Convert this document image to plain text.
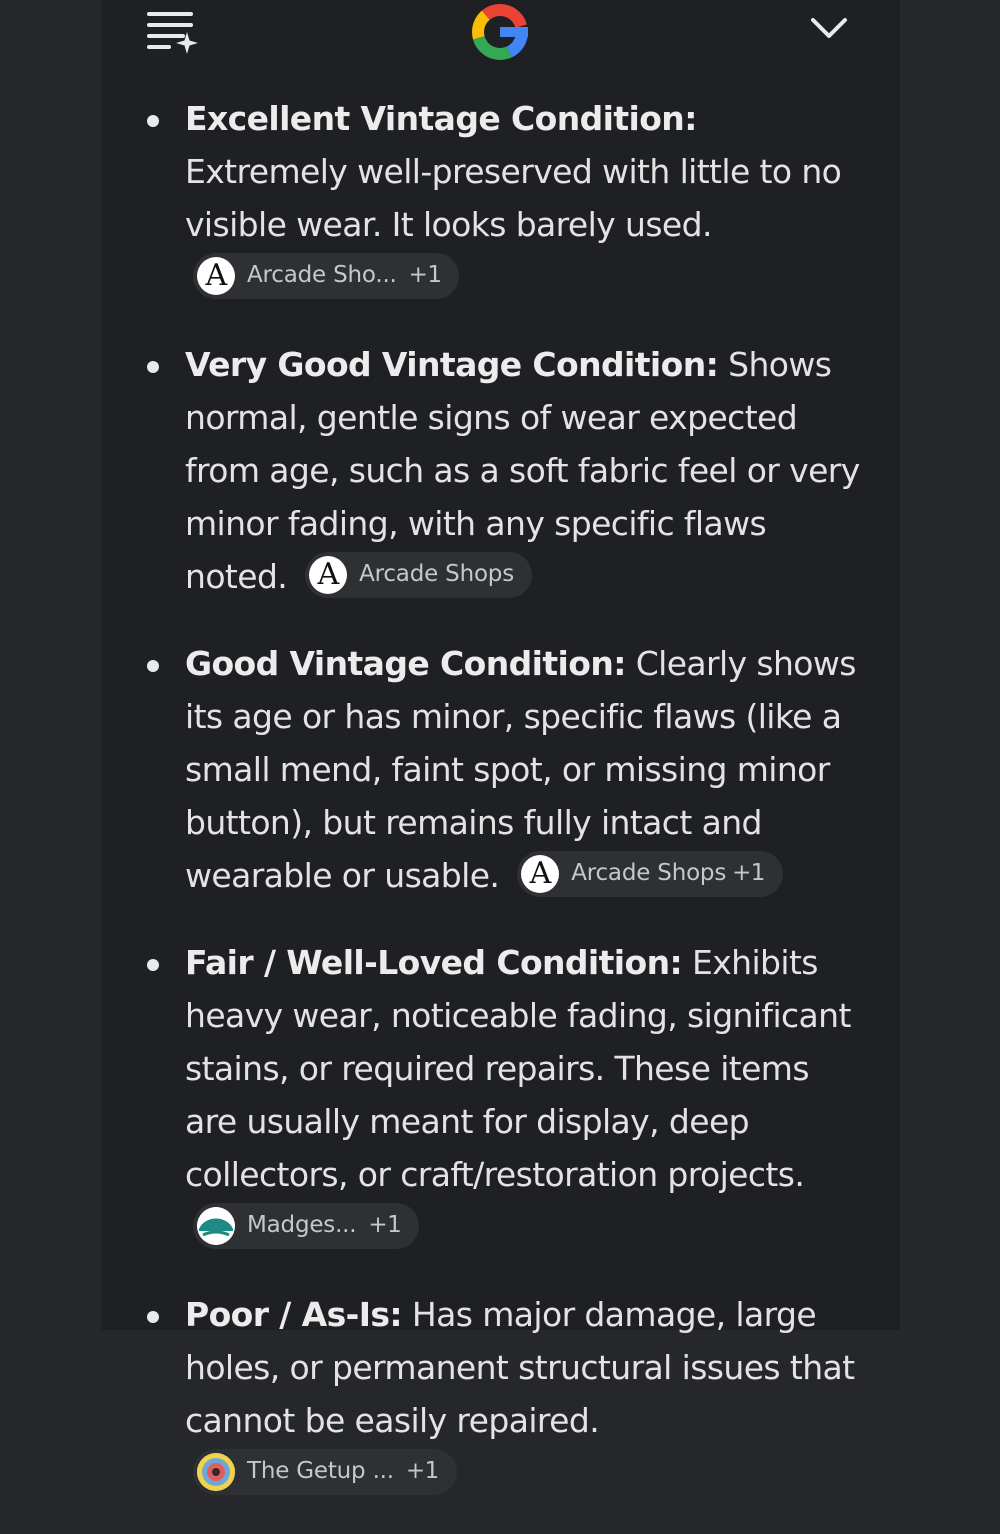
Excellent Vintage Condition: Extremely well-preserved with little to no visible wear. It looks barely used.
A Arcade Sho... +1
Very Good Vintage Condition: Shows normal, gentle signs of wear expected from age, such as a soft fabric feel or very minor fading, with any specific flaws noted. A Arcade Shops
Good Vintage Condition: Clearly shows its age or has minor, specific flaws (like a small mend, faint spot, or missing minor button), but remains fully intact and wearable or usable. A Arcade Shops +1
Fair / Well-Loved Condition: Exhibits heavy wear, noticeable fading, significant stains, or required repairs. These items are usually meant for display, deep collectors, or craft/restoration projects.
Madges... +1
Poor / As-Is: Has major damage, large holes, or permanent structural issues that cannot be easily repaired.
The Getup ... +1
